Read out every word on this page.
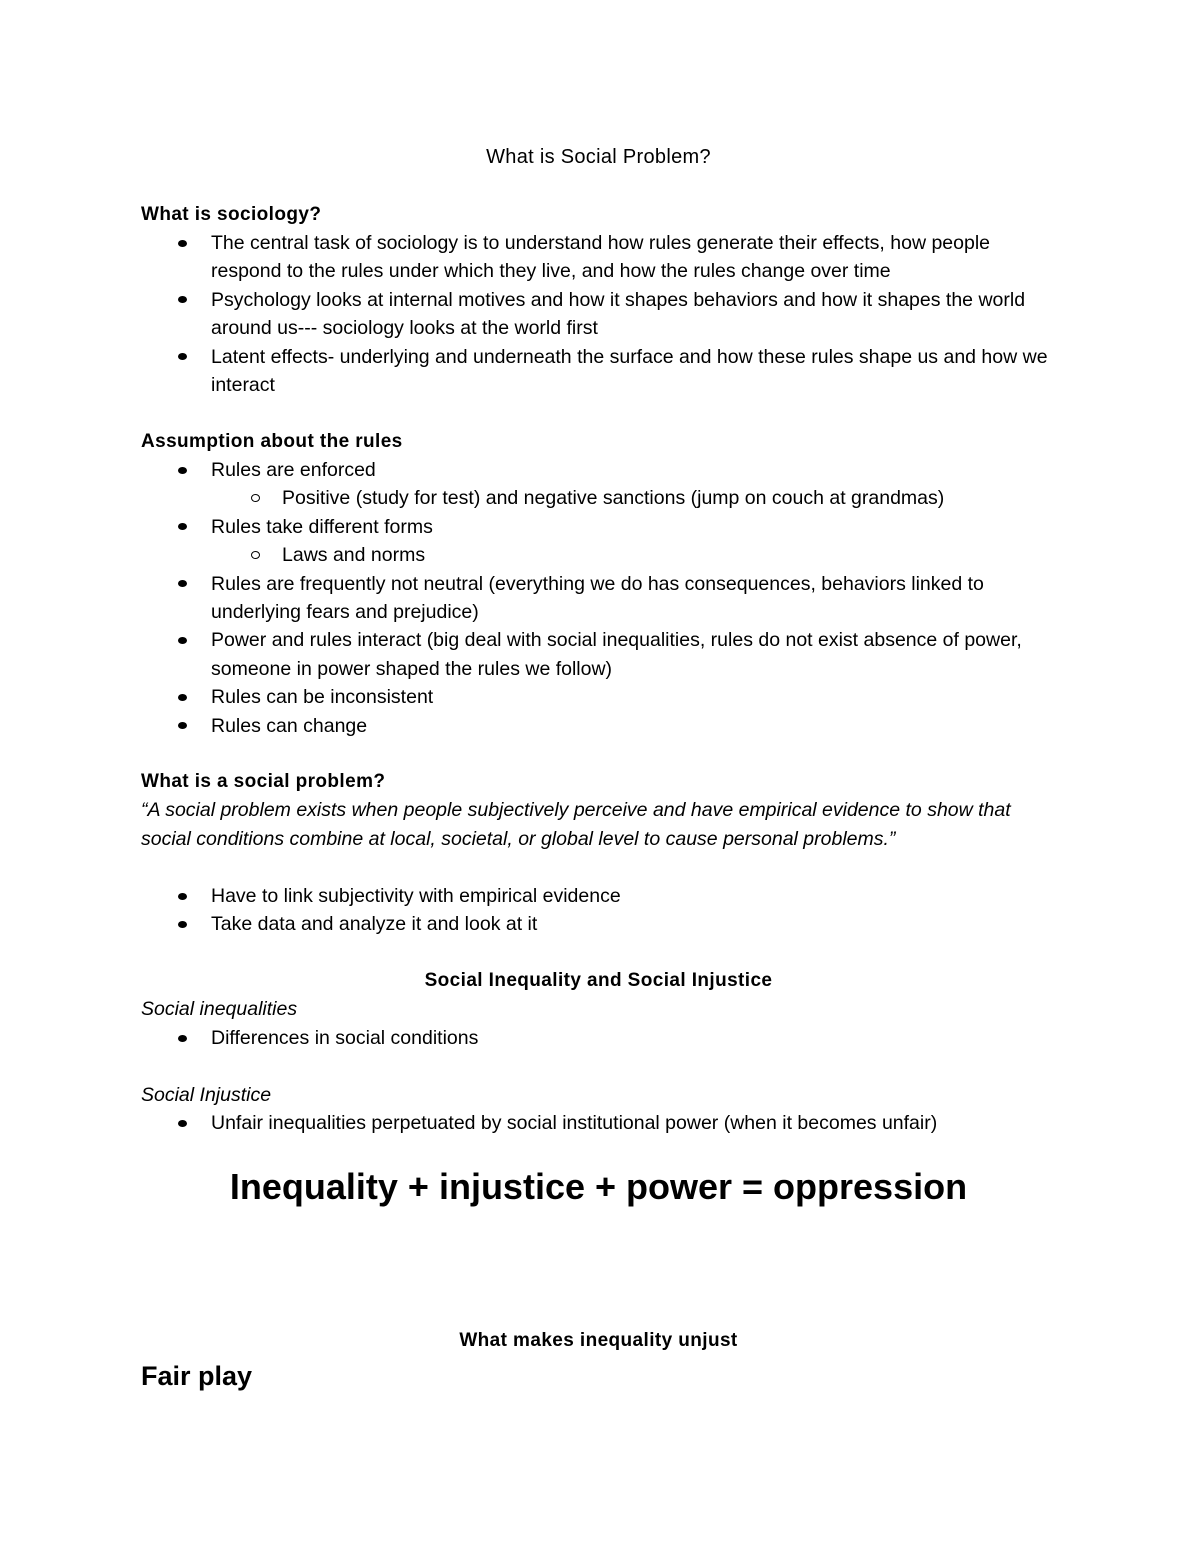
What is Social Problem?
What is sociology?
The central task of sociology is to understand how rules generate their effects, how people respond to the rules under which they live, and how the rules change over time
Psychology looks at internal motives and how it shapes behaviors and how it shapes the world around us--- sociology looks at the world first
Latent effects- underlying and underneath the surface and how these rules shape us and how we interact
Assumption about the rules
Rules are enforced
Positive (study for test) and negative sanctions (jump on couch at grandmas)
Rules take different forms
Laws and norms
Rules are frequently not neutral (everything we do has consequences, behaviors linked to underlying fears and prejudice)
Power and rules interact (big deal with social inequalities, rules do not exist absence of power, someone in power shaped the rules we follow)
Rules can be inconsistent
Rules can change
What is a social problem?
“A social problem exists when people subjectively perceive and have empirical evidence to show that social conditions combine at local, societal, or global level to cause personal problems.”
Have to link subjectivity with empirical evidence
Take data and analyze it and look at it
Social Inequality and Social Injustice
Social inequalities
Differences in social conditions
Social Injustice
Unfair inequalities perpetuated by social institutional power (when it becomes unfair)
Inequality + injustice + power = oppression
What makes inequality unjust
Fair play
